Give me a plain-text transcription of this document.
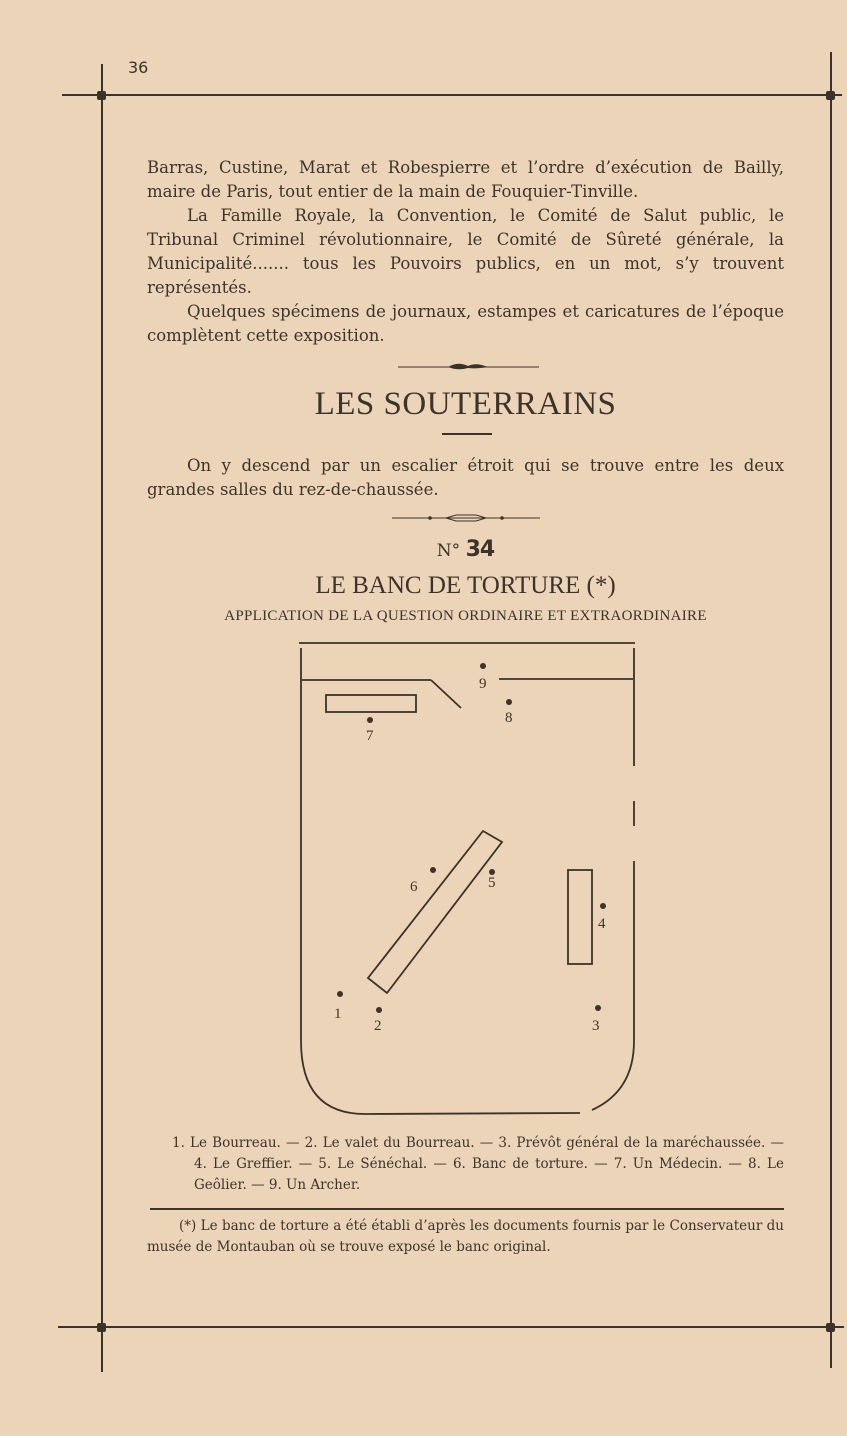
36

Barras, Custine, Marat et Robespierre et l’ordre d’exécution de Bailly, maire de Paris, tout entier de la main de Fouquier-Tinville.

La Famille Royale, la Convention, le Comité de Salut public, le Tribunal Criminel révolutionnaire, le Comité de Sûreté générale, la Municipalité....... tous les Pouvoirs publics, en un mot, s’y trouvent représentés.

Quelques spécimens de journaux, estampes et caricatures de l’époque complètent cette exposition.

LES SOUTERRAINS

On y descend par un escalier étroit qui se trouve entre les deux grandes salles du rez-de-chaussée.

N° 34
LE BANC DE TORTURE (*)
APPLICATION DE LA QUESTION ORDINAIRE ET EXTRAORDINAIRE
9
8
7
6	5
4
1
2	3

1. Le Bourreau. — 2. Le valet du Bourreau. — 3. Prévôt général de la maréchaussée. — 4. Le Greffier. — 5. Le Sénéchal. — 6. Banc de torture. — 7. Un Médecin. — 8. Le Geôlier. — 9. Un Archer.

(*) Le banc de torture a été établi d’après les documents fournis par le Conservateur du musée de Montauban où se trouve exposé le banc original.
